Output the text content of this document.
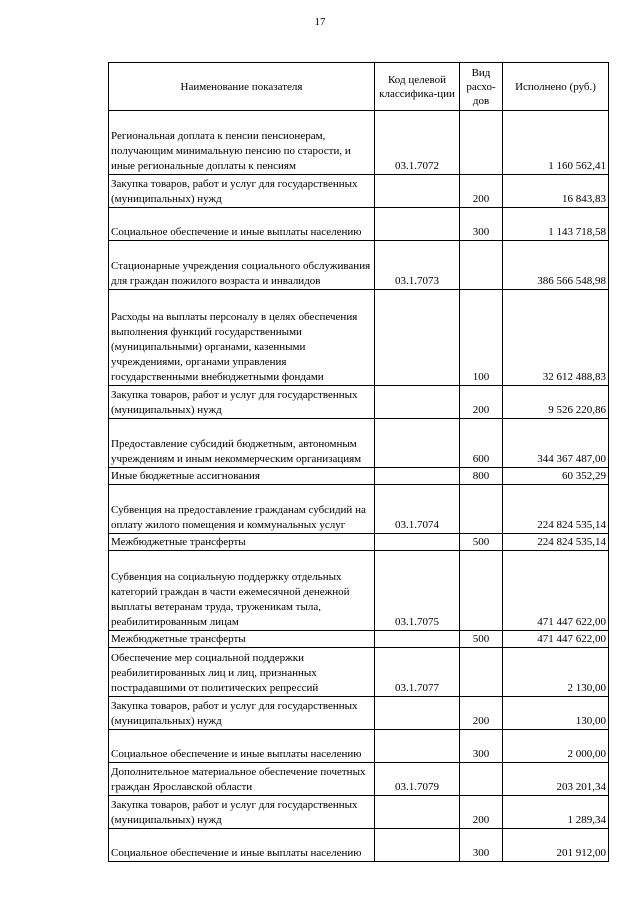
17
Наименование показателя	Код целевой классифика-ции	Вид расхо-дов	Исполнено (руб.)
Региональная доплата к пенсии пенсионерам, получающим минимальную пенсию по старости, и иные региональные доплаты к пенсиям	03.1.7072		1 160 562,41
Закупка товаров, работ и услуг для государственных (муниципальных) нужд		200	16 843,83
Социальное обеспечение и иные выплаты населению		300	1 143 718,58
Стационарные учреждения социального обслуживания для граждан пожилого возраста и инвалидов	03.1.7073		386 566 548,98
Расходы на выплаты персоналу в целях обеспечения выполнения функций государственными (муниципальными) органами, казенными учреждениями, органами управления государственными внебюджетными фондами		100	32 612 488,83
Закупка товаров, работ и услуг для государственных (муниципальных) нужд		200	9 526 220,86
Предоставление субсидий бюджетным, автономным учреждениям и иным некоммерческим организациям		600	344 367 487,00
Иные бюджетные ассигнования		800	60 352,29
Субвенция на предоставление гражданам субсидий на оплату жилого помещения и коммунальных услуг	03.1.7074		224 824 535,14
Межбюджетные трансферты		500	224 824 535,14
Субвенция на социальную поддержку отдельных категорий граждан в части ежемесячной денежной выплаты ветеранам труда, труженикам тыла, реабилитированным лицам	03.1.7075		471 447 622,00
Межбюджетные трансферты		500	471 447 622,00
Обеспечение мер социальной поддержки реабилитированных лиц и лиц, признанных пострадавшими от политических репрессий	03.1.7077		2 130,00
Закупка товаров, работ и услуг для государственных (муниципальных) нужд		200	130,00
Социальное обеспечение и иные выплаты населению		300	2 000,00
Дополнительное материальное обеспечение почетных граждан Ярославской области	03.1.7079		203 201,34
Закупка товаров, работ и услуг для государственных (муниципальных) нужд		200	1 289,34
Социальное обеспечение и иные выплаты населению		300	201 912,00
